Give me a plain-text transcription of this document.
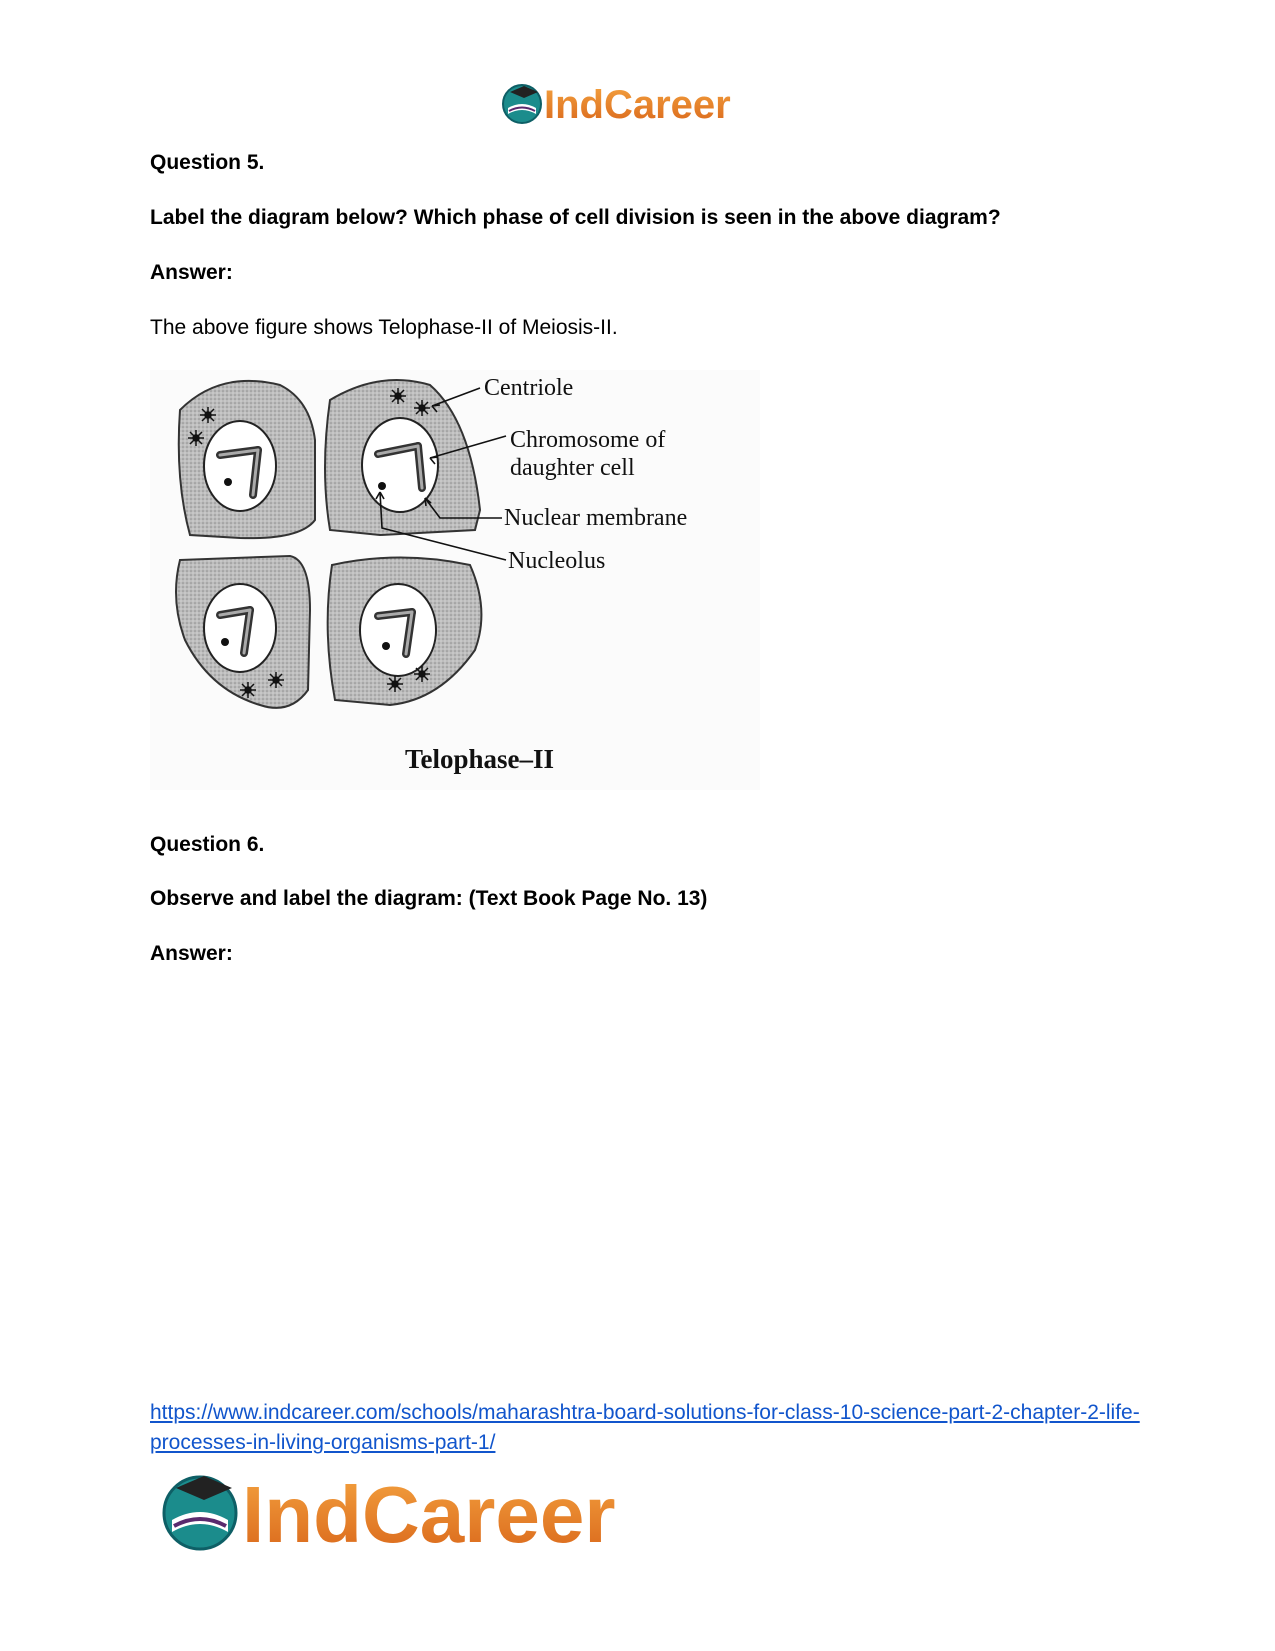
IndCareer
Question 5.
Label the diagram below? Which phase of cell division is seen in the above diagram?
Answer:
The above figure shows Telophase-II of Meiosis-II.
Centriole
Chromosome of
daughter cell
Nuclear membrane
Nucleolus
Telophase–II
Question 6.
Observe and label the diagram: (Text Book Page No. 13)
Answer:
https://www.indcareer.com/schools/maharashtra-board-solutions-for-class-10-science-part-2-chapter-2-life-processes-in-living-organisms-part-1/
IndCareer
